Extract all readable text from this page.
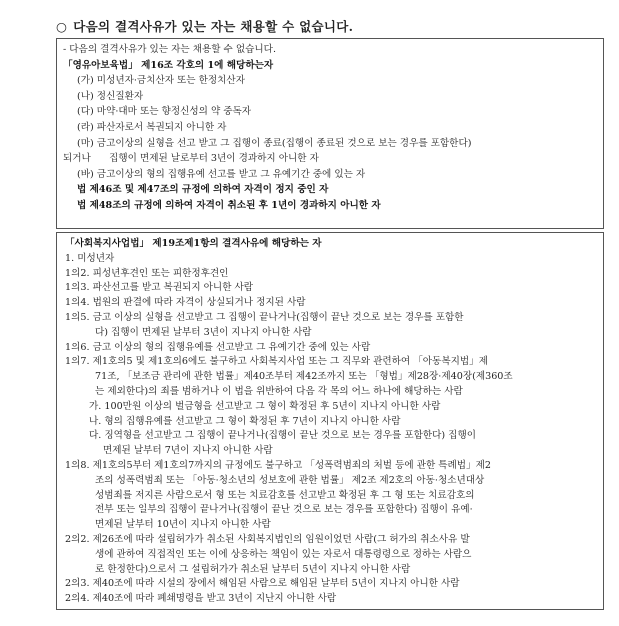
○ 다음의 결격사유가 있는 자는 채용할 수 없습니다.
- 다음의 결격사유가 있는 자는 채용할 수 없습니다.
「영유아보육법」 제16조 각호의 1에 해당하는자
(가) 미성년자·금치산자 또는 한정치산자
(나) 정신질환자
(다) 마약·대마 또는 향정신성의 약 중독자
(라) 파산자로서 복권되지 아니한 자
(마) 금고이상의 실형을 선고 받고 그 집행이 종료(집행이 종료된 것으로 보는 경우를 포함한다)
되거나      집행이 면제된 날로부터 3년이 경과하지 아니한 자
(바) 금고이상의 형의 집행유예 선고를 받고 그 유예기간 중에 있는 자
법 제46조 및 제47조의 규정에 의하여 자격이 정지 중인 자
법 제48조의 규정에 의하여 자격이 취소된 후 1년이 경과하지 아니한 자
「사회복지사업법」 제19조제1항의 결격사유에 해당하는 자
1. 미성년자
1의2. 피성년후견인 또는 피한정후견인
1의3. 파산선고를 받고 복권되지 아니한 사람
1의4. 법원의 판결에 따라 자격이 상실되거나 정지된 사람
1의5. 금고 이상의 실형을 선고받고 그 집행이 끝나거나(집행이 끝난 것으로 보는 경우를 포함한
다) 집행이 면제된 날부터 3년이 지나지 아니한 사람
1의6. 금고 이상의 형의 집행유예를 선고받고 그 유예기간 중에 있는 사람
1의7. 제1호의5 및 제1호의6에도 불구하고 사회복지사업 또는 그 직무와 관련하여 「아동복지법」제
71조, 「보조금 관리에 관한 법률」제40조부터 제42조까지 또는 「형법」제28장·제40장(제360조
는 제외한다)의 죄를 범하거나 이 법을 위반하여 다음 각 목의 어느 하나에 해당하는 사람
가. 100만원 이상의 벌금형을 선고받고 그 형이 확정된 후 5년이 지나지 아니한 사람
나. 형의 집행유예를 선고받고 그 형이 확정된 후 7년이 지나지 아니한 사람
다. 징역형을 선고받고 그 집행이 끝나거나(집행이 끝난 것으로 보는 경우를 포함한다) 집행이
면제된 날부터 7년이 지나지 아니한 사람
1의8. 제1호의5부터 제1호의7까지의 규정에도 불구하고 「성폭력범죄의 처벌 등에 관한 특례법」제2
조의 성폭력범죄 또는 「아동·청소년의 성보호에 관한 법률」 제2조 제2호의 아동·청소년대상
성범죄를 저지른 사람으로서 형 또는 치료감호를 선고받고 확정된 후 그 형 또는 치료감호의
전부 또는 일부의 집행이 끝나거나(집행이 끝난 것으로 보는 경우를 포함한다) 집행이 유예·
면제된 날부터 10년이 지나지 아니한 사람
2의2. 제26조에 따라 설립허가가 취소된 사회복지법인의 임원이었던 사람(그 허가의 취소사유 발
생에 관하여 직접적인 또는 이에 상응하는 책임이 있는 자로서 대통령령으로 정하는 사람으
로 한정한다)으로서 그 설립허가가 취소된 날부터 5년이 지나지 아니한 사람
2의3. 제40조에 따라 시설의 장에서 해임된 사람으로 해임된 날부터 5년이 지나지 아니한 사람
2의4. 제40조에 따라 폐쇄명령을 받고 3년이 지난지 아니한 사람
